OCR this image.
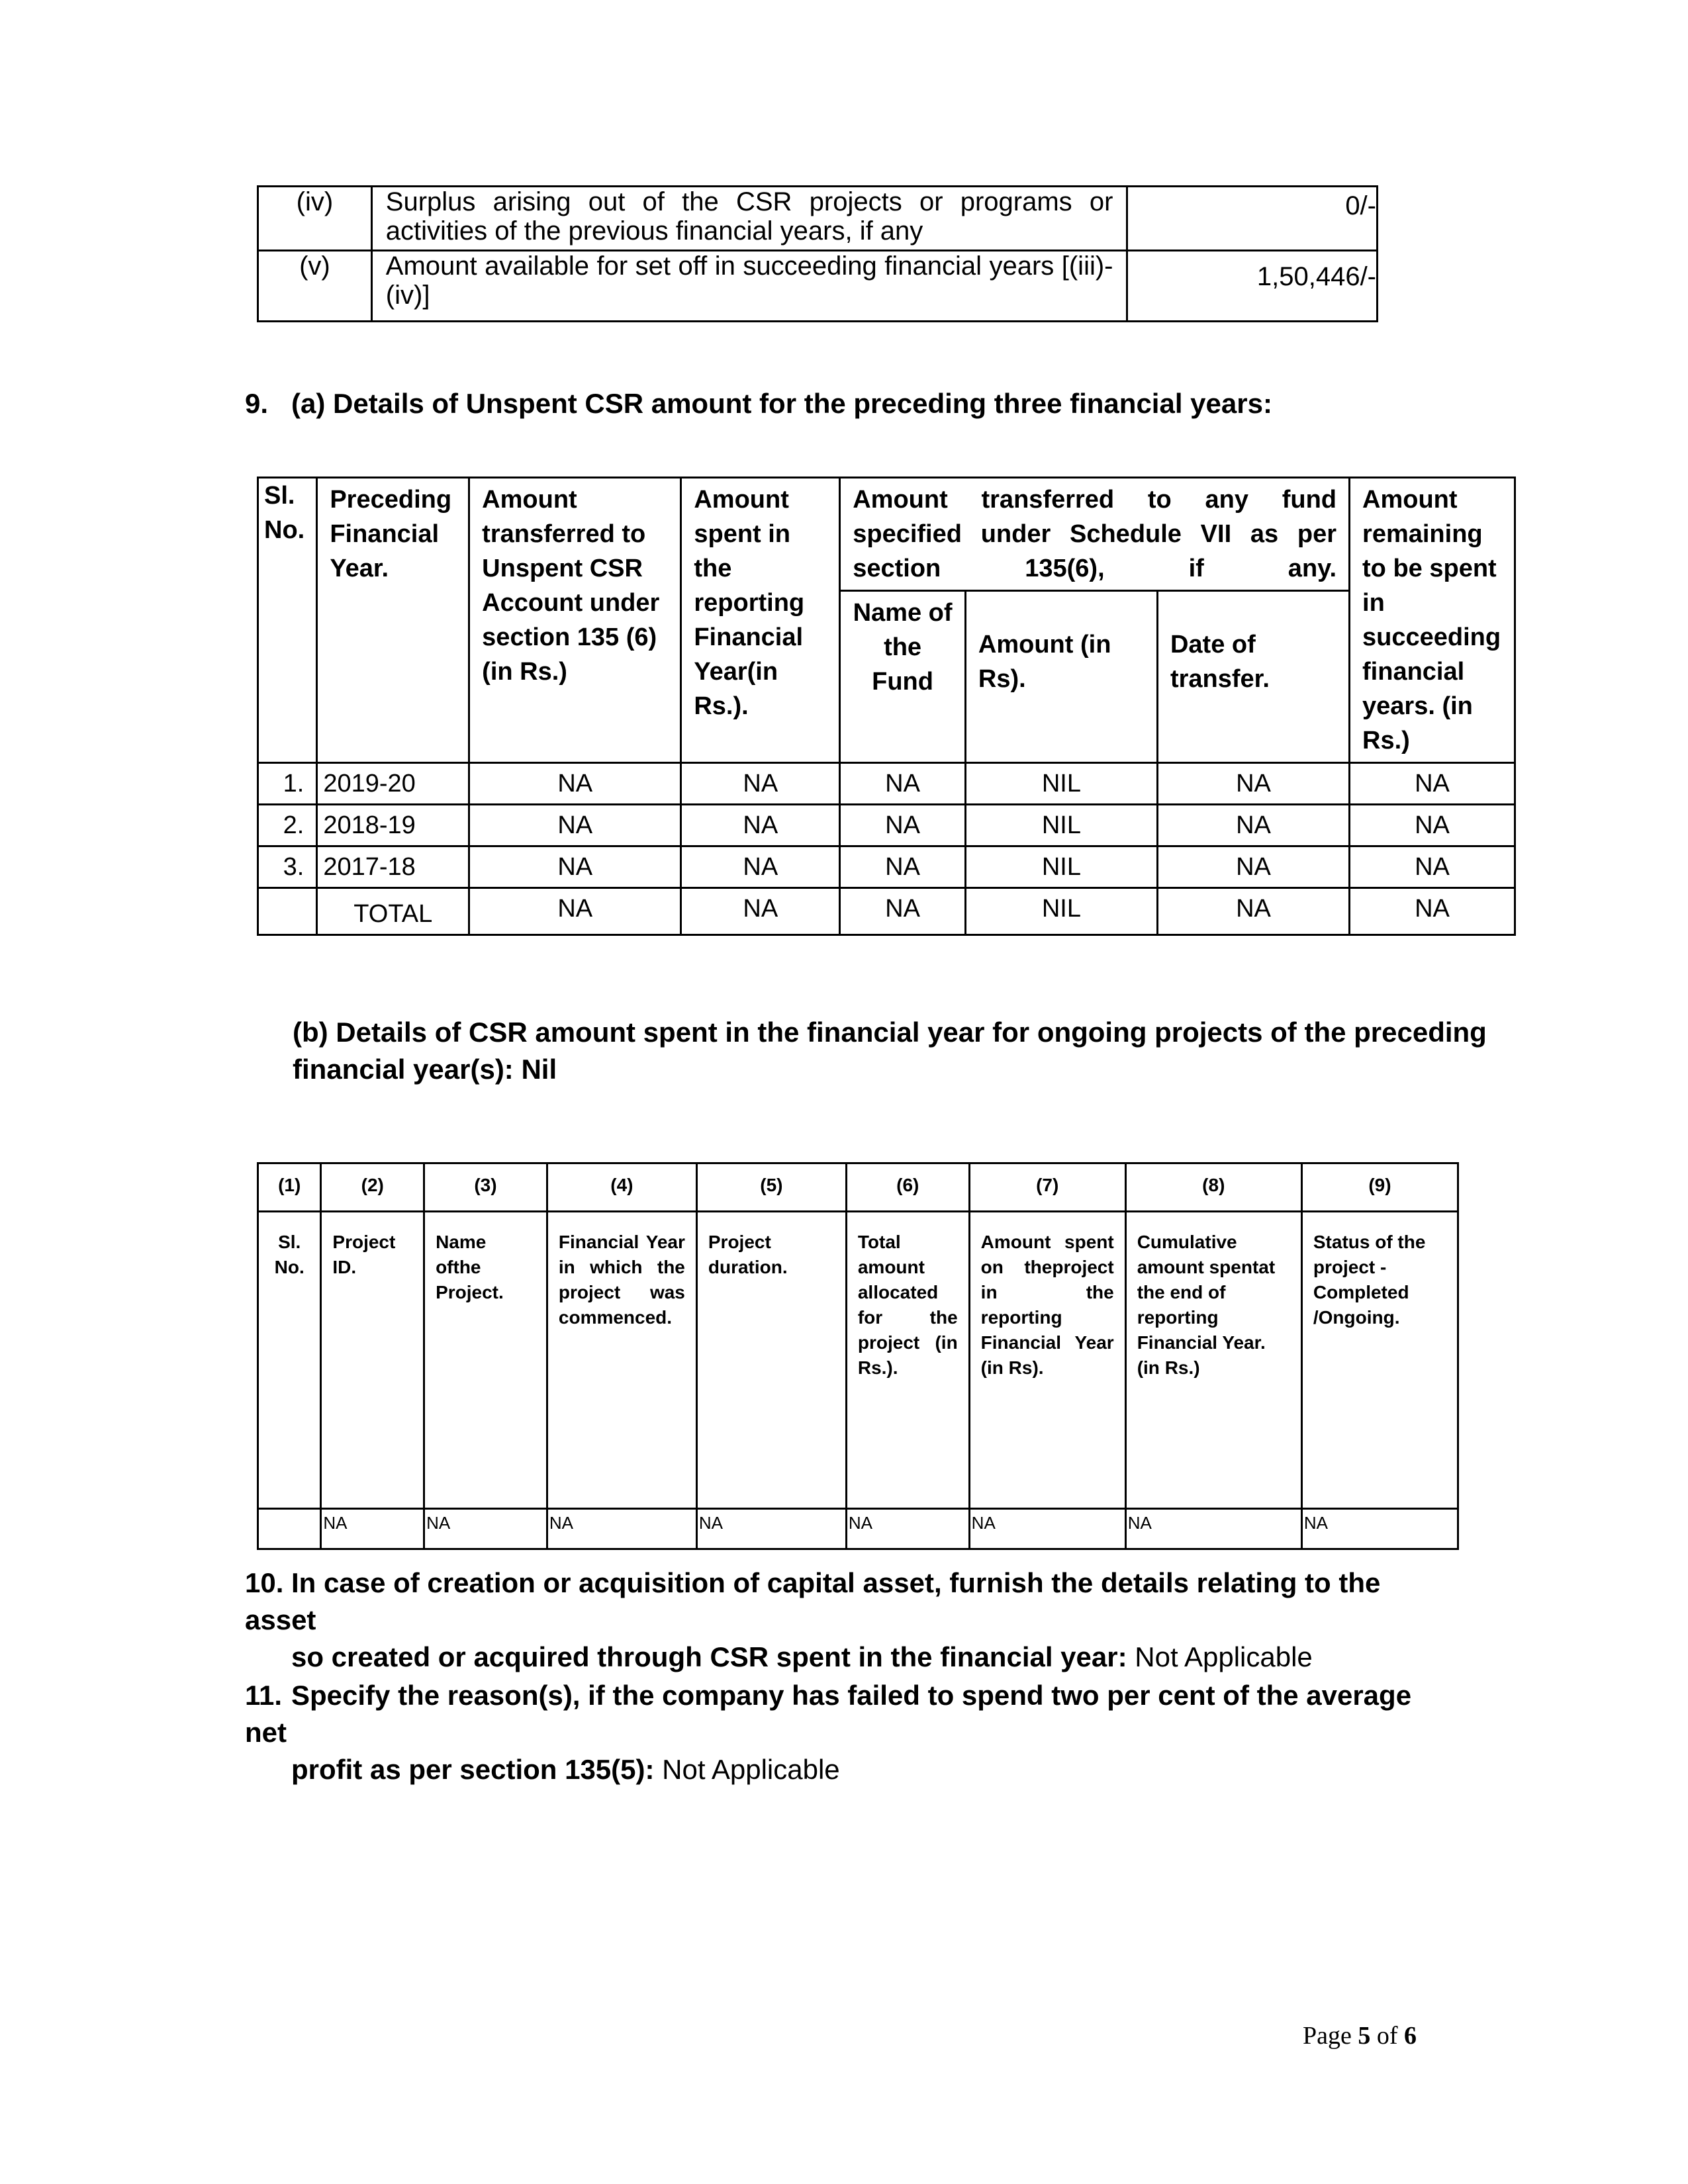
(iv)	Surplus arising out of the CSR projects or programs or activities of the previous financial years, if any	0/-
(v)	Amount available for set off in succeeding financial years [(iii)-(iv)]	1,50,446/-
9. (a) Details of Unspent CSR amount for the preceding three financial years:
Sl. No.	Preceding Financial Year.	Amount transferred to Unspent CSR Account under section 135 (6) (in Rs.)	Amount spent in the reporting Financial Year(in Rs.).	Amount transferred to any fund specified under Schedule VII as per section 135(6), if any.			Amount remaining to be spent in succeeding financial years. (in Rs.)
				Name of the Fund	Amount (in Rs).	Date of transfer.	
1.	2019-20	NA	NA	NA	NIL	NA	NA
2.	2018-19	NA	NA	NA	NIL	NA	NA
3.	2017-18	NA	NA	NA	NIL	NA	NA
	TOTAL	NA	NA	NA	NIL	NA	NA
(b) Details of CSR amount spent in the financial year for ongoing projects of the preceding
financial year(s): Nil
(1)	(2)	(3)	(4)	(5)	(6)	(7)	(8)	(9)
Sl. No.	Project ID.	Name ofthe Project.	Financial Year in which the project was commenced.	Project duration.	Total amount allocated for the project (in Rs.).	Amount spent on theproject in the reporting Financial Year (in Rs).	Cumulative amount spentat the end of reporting Financial Year. (in Rs.)	Status of the project - Completed /Ongoing.
	NA	NA	NA	NA	NA	NA	NA	NA
10. In case of creation or acquisition of capital asset, furnish the details relating to the asset
so created or acquired through CSR spent in the financial year: Not Applicable
11. Specify the reason(s), if the company has failed to spend two per cent of the average net
profit as per section 135(5): Not Applicable
Page 5 of 6
